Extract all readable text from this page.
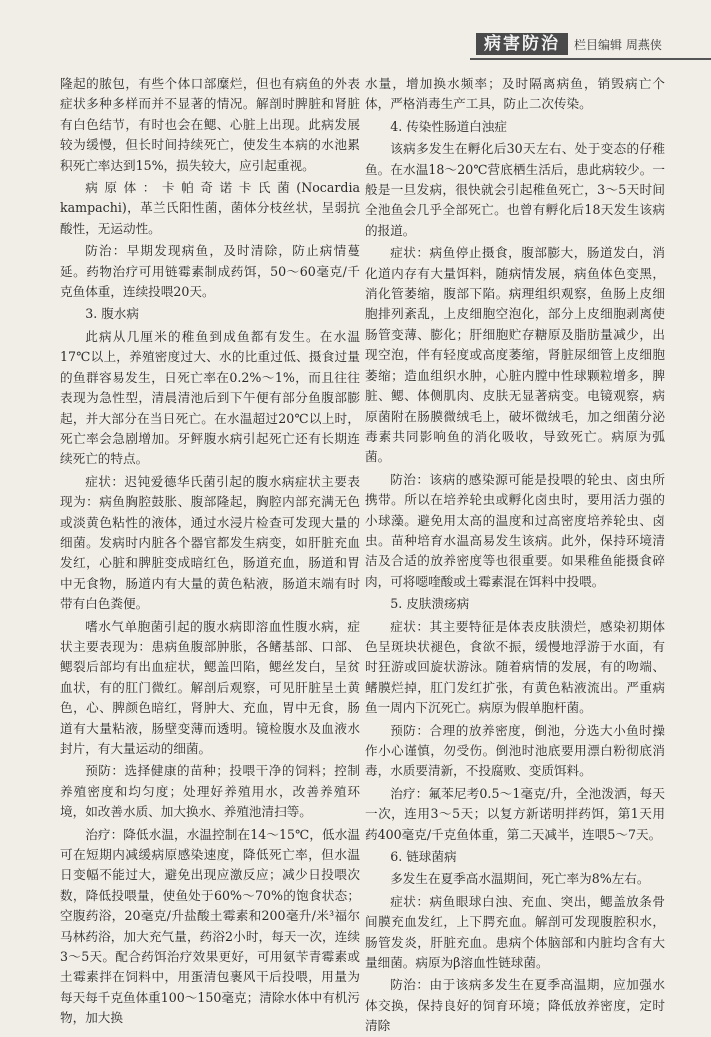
病害防治	栏目编辑 周燕侠

隆起的脓包，有些个体口部糜烂，但也有病鱼的外表症状多种多样而并不显著的情况。解剖时脾脏和肾脏有白色结节，有时也会在鳃、心脏上出现。此病发展较为缓慢，但长时间持续死亡，使发生本病的水池累积死亡率达到15%，损失较大，应引起重视。

病原体：卡帕奇诺卡氏菌(Nocardia kampachi)，革兰氏阳性菌，菌体分枝丝状，呈弱抗酸性，无运动性。

防治：早期发现病鱼，及时清除，防止病情蔓延。药物治疗可用链霉素制成药饵，50～60毫克/千克鱼体重，连续投喂20天。

3. 腹水病

此病从几厘米的稚鱼到成鱼都有发生。在水温17℃以上，养殖密度过大、水的比重过低、摄食过量的鱼群容易发生，日死亡率在0.2%～1%，而且往往表现为急性型，清晨清池后到下午便有部分鱼腹部膨起，并大部分在当日死亡。在水温超过20℃以上时，死亡率会急剧增加。牙鲆腹水病引起死亡还有长期连续死亡的特点。

症状：迟钝爱德华氏菌引起的腹水病症状主要表现为：病鱼胸腔鼓胀、腹部隆起，胸腔内部充满无色或淡黄色粘性的液体，通过水浸片检查可发现大量的细菌。发病时内脏各个器官都发生病变，如肝脏充血发红，心脏和脾脏变成暗红色，肠道充血，肠道和胃中无食物，肠道内有大量的黄色粘液，肠道末端有时带有白色粪便。

嗜水气单胞菌引起的腹水病即溶血性腹水病，症状主要表现为：患病鱼腹部肿胀，各鳍基部、口部、鳃裂后部均有出血症状，鳃盖凹陷，鳃丝发白，呈贫血状，有的肛门微红。解剖后观察，可见肝脏呈土黄色，心、脾颜色暗红，肾肿大、充血，胃中无食，肠道有大量粘液，肠壁变薄而透明。镜检腹水及血液水封片，有大量运动的细菌。

预防：选择健康的苗种；投喂干净的饲料；控制养殖密度和均匀度；处理好养殖用水，改善养殖环境，如改善水质、加大换水、养殖池清扫等。

治疗：降低水温，水温控制在14～15℃，低水温可在短期内减缓病原感染速度，降低死亡率，但水温日变幅不能过大，避免出现应激反应；减少日投喂次数，降低投喂量，使鱼处于60%～70%的饱食状态；空腹药浴，20毫克/升盐酸土霉素和200毫升/米³福尔马林药浴，加大充气量，药浴2小时，每天一次，连续3～5天。配合药饵治疗效果更好，可用氨苄青霉素或土霉素拌在饲料中，用蛋清包裹风干后投喂，用量为每天每千克鱼体重100～150毫克；清除水体中有机污物，加大换

水量，增加换水频率；及时隔离病鱼，销毁病亡个体，严格消毒生产工具，防止二次传染。

4. 传染性肠道白浊症

该病多发生在孵化后30天左右、处于变态的仔稚鱼。在水温18～20℃营底栖生活后，患此病较少。一般是一旦发病，很快就会引起稚鱼死亡，3～5天时间全池鱼会几乎全部死亡。也曾有孵化后18天发生该病的报道。

症状：病鱼停止摄食，腹部膨大，肠道发白，消化道内存有大量饵料，随病情发展，病鱼体色变黑，消化管萎缩，腹部下陷。病理组织观察，鱼肠上皮细胞排列紊乱，上皮细胞空泡化，部分上皮细胞剥离使肠管变薄、膨化；肝细胞贮存糖原及脂肪量减少，出现空泡，伴有轻度或高度萎缩，肾脏尿细管上皮细胞萎缩；造血组织水肿，心脏内膛中性球颗粒增多，脾脏、鳃、体侧肌肉、皮肤无显著病变。电镜观察，病原菌附在肠膜微绒毛上，破坏微绒毛，加之细菌分泌毒素共同影响鱼的消化吸收，导致死亡。病原为弧菌。

防治：该病的感染源可能是投喂的轮虫、卤虫所携带。所以在培养轮虫或孵化卤虫时，要用活力强的小球藻。避免用太高的温度和过高密度培养轮虫、卤虫。苗种培育水温高易发生该病。此外，保持环境清洁及合适的放养密度等也很重要。如果稚鱼能摄食碎肉，可将噁喹酸或土霉素混在饵料中投喂。

5. 皮肤溃疡病

症状：其主要特征是体表皮肤溃烂，感染初期体色呈斑块状褪色，食欲不振，缓慢地浮游于水面，有时狂游或回旋状游泳。随着病情的发展，有的吻端、鳍膜烂掉，肛门发红扩张，有黄色粘液流出。严重病鱼一周内下沉死亡。病原为假单胞杆菌。

预防：合理的放养密度，倒池，分选大小鱼时操作小心谨慎，勿受伤。倒池时池底要用漂白粉彻底消毒，水质要清新，不投腐败、变质饵料。

治疗：氟苯尼考0.5～1毫克/升，全池泼洒，每天一次，连用3～5天；以复方新诺明拌药饵，第1天用药400毫克/千克鱼体重，第二天减半，连喂5～7天。

6. 链球菌病

多发生在夏季高水温期间，死亡率为8%左右。

症状：病鱼眼球白浊、充血、突出，鳃盖放条骨间膜充血发红，上下腭充血。解剖可发现腹腔积水，肠管发炎，肝脏充血。患病个体脑部和内脏均含有大量细菌。病原为β溶血性链球菌。

防治：由于该病多发生在夏季高温期，应加强水体交换，保持良好的饲育环境；降低放养密度，定时清除
